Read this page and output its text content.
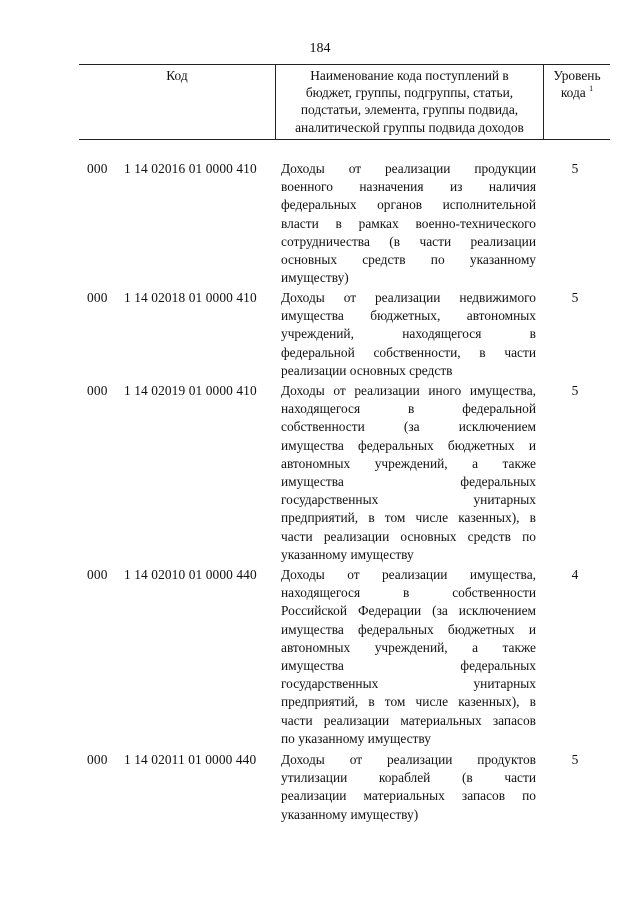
184
Код	Наименование кода поступлений в
бюджет, группы, подгруппы, статьи,
подстатьи, элемента, группы подвида,
аналитической группы подвида доходов
Уровень
кода $^1$
000 1 14 02016 01 0000 410 Доходы от реализации продукции
военного назначения из наличия
федеральных органов исполнительной
власти в рамках военно-технического
сотрудничества (в части реализации
основных средств по указанному
имуществу)
5
000 1 14 02018 01 0000 410 Доходы от реализации недвижимого
имущества бюджетных, автономных
учреждений, находящегося в
федеральной собственности, в части
реализации основных средств
5
000 1 14 02019 01 0000 410 Доходы от реализации иного имущества,
находящегося в федеральной
собственности (за исключением
имущества федеральных бюджетных и
автономных учреждений, а также
имущества федеральных
государственных унитарных
предприятий, в том числе казенных), в
части реализации основных средств по
указанному имуществу
5
000 1 14 02010 01 0000 440 Доходы от реализации имущества,
находящегося в собственности
Российской Федерации (за исключением
имущества федеральных бюджетных и
автономных учреждений, а также
имущества федеральных
государственных унитарных
предприятий, в том числе казенных), в
части реализации материальных запасов
по указанному имуществу
4
000 1 14 02011 01 0000 440 Доходы от реализации продуктов
утилизации кораблей (в части
реализации материальных запасов по
указанному имуществу)
5
